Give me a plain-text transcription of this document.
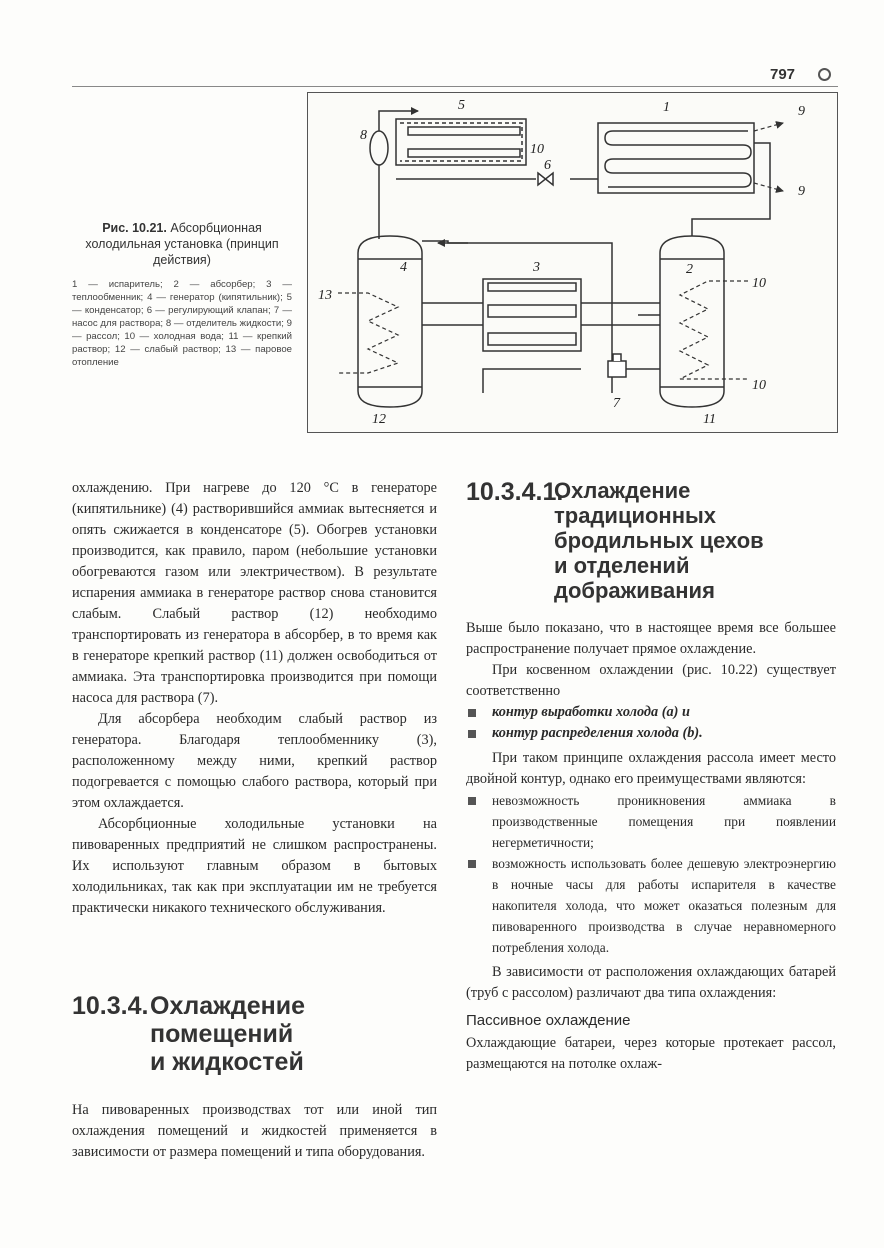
797

Рис. 10.21. Абсорбционная холодильная установка (принцип действия)

1 — испаритель; 2 — абсорбер; 3 — теплообменник; 4 — генератор (кипятильник); 5 — конденсатор; 6 — регулирующий клапан; 7 — насос для раствора; 8 — отделитель жидкости; 9 — рассол; 10 — холодная вода; 11 — крепкий раствор; 12 — слабый раствор; 13 — паровое отопление

5	1	9
9
8
10
6
4	3	2
10
10
13
12
7
11

охлаждению. При нагреве до 120 °С в генераторе (кипятильнике) (4) растворившийся аммиак вытесняется и опять сжижается в конденсаторе (5). Обогрев установки производится, как правило, паром (небольшие установки обогреваются газом или электричеством). В результате испарения аммиака в генераторе раствор снова становится слабым. Слабый раствор (12) необходимо транспортировать из генератора в абсорбер, в то время как в генераторе крепкий раствор (11) должен освободиться от аммиака. Эта транспортировка производится при помощи насоса для раствора (7).

Для абсорбера необходим слабый раствор из генератора. Благодаря теплообменнику (3), расположенному между ними, крепкий раствор подогревается с помощью слабого раствора, который при этом охлаждается.

Абсорбционные холодильные установки на пивоваренных предприятий не слишком распространены. Их используют главным образом в бытовых холодильниках, так как при эксплуатации им не требуется практически никакого технического обслуживания.

10.3.4. Охлаждение
помещений
и жидкостей

На пивоваренных производствах тот или иной тип охлаждения помещений и жидкостей применяется в зависимости от размера помещений и типа оборудования.

10.3.4.1.
Охлаждение
традиционных
бродильных цехов
и отделений
дображивания

Выше было показано, что в настоящее время все большее распространение получает прямое охлаждение.

При косвенном охлаждении (рис. 10.22) существует соответственно

контур выработки холода (a) и
контур распределения холода (b).

При таком принципе охлаждения рассола имеет место двойной контур, однако его преимуществами являются:

невозможность проникновения аммиака в производственные помещения при появлении негерметичности;
возможность использовать более дешевую электроэнергию в ночные часы для работы испарителя в качестве накопителя холода, что может оказаться полезным для пивоваренного производства в случае неравномерного потребления холода.

В зависимости от расположения охлаждающих батарей (труб с рассолом) различают два типа охлаждения:

Пассивное охлаждение

Охлаждающие батареи, через которые протекает рассол, размещаются на потолке охлаж-
